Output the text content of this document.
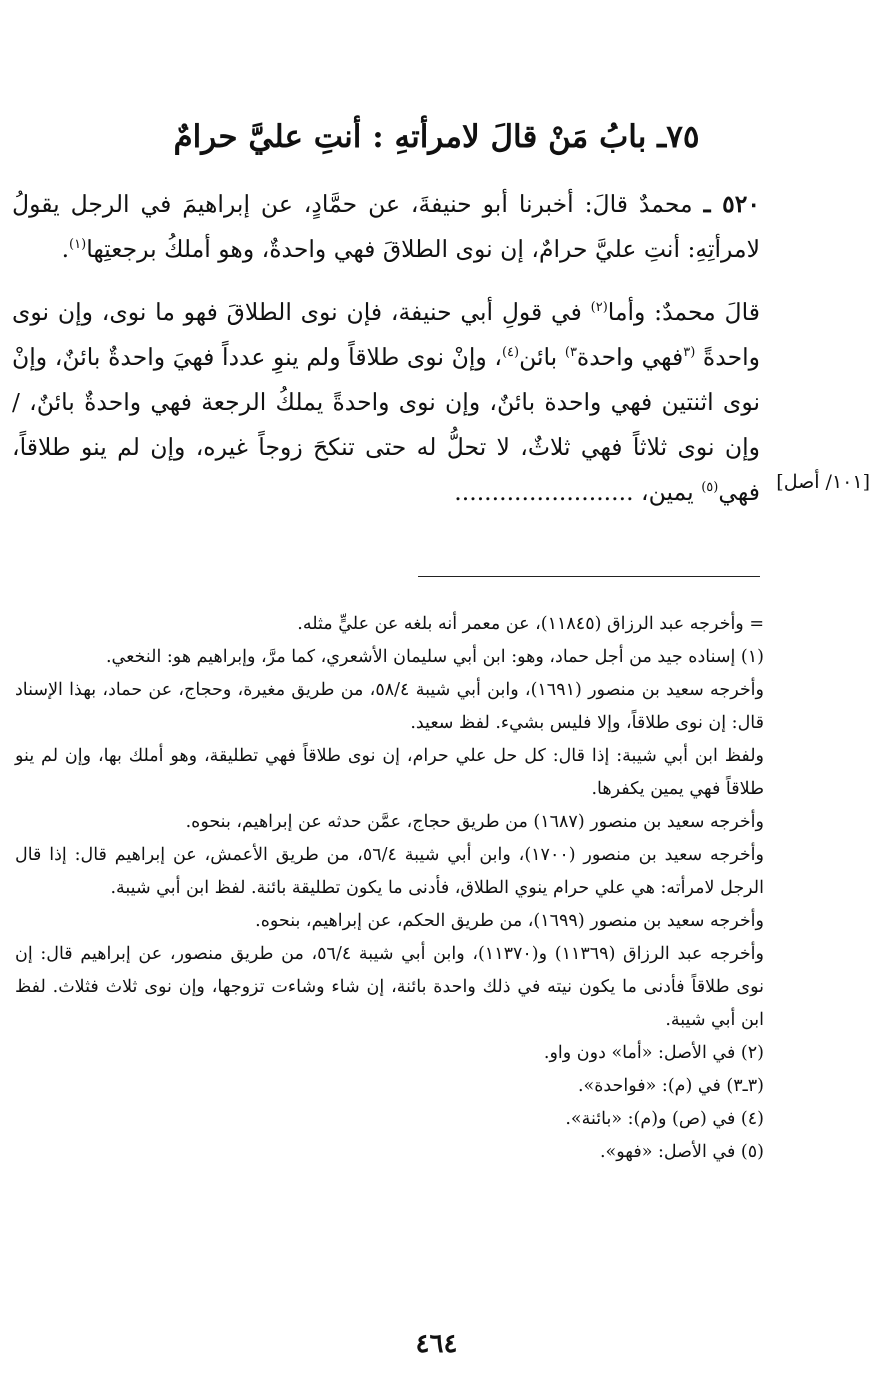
٧٥ـ بابُ مَنْ قالَ لامرأتهِ : أنتِ عليَّ حرامٌ

٥٢٠ ـ محمدٌ قالَ: أخبرنا أبو حنيفةَ، عن حمَّادٍ، عن إبراهيمَ في الرجل يقولُ لامرأتِهِ: أنتِ عليَّ حرامٌ، إن نوى الطلاقَ فهي واحدةٌ، وهو أملكُ برجعتِها$^{(١)}$.

قالَ محمدٌ: وأما$^{(٢)}$ في قولِ أبي حنيفة، فإن نوى الطلاقَ فهو ما نوى، وإن نوى واحدةً $^{(٣}$فهي واحدة$^{٣)}$ بائن$^{(٤)}$، وإنْ نوى طلاقاً ولم ينوِ عدداً فهيَ واحدةٌ بائنٌ، وإنْ نوى اثنتين فهي واحدة بائنٌ، وإن نوى واحدةً يملكُ الرجعة فهي واحدةٌ بائنٌ، /وإن نوى ثلاثاً فهي ثلاثٌ، لا تحلُّ له حتى تنكحَ زوجاً غيره، وإن لم ينو طلاقاً، فهي$^{(٥)}$ يمين، ........................	[١٠١/ أصل]

= وأخرجه عبد الرزاق (١١٨٤٥)، عن معمر أنه بلغه عن عليٍّ مثله.

(١) إسناده جيد من أجل حماد، وهو: ابن أبي سليمان الأشعري، كما مرَّ، وإبراهيم هو: النخعي.

وأخرجه سعيد بن منصور (١٦٩١)، وابن أبي شيبة ٥٨/٤، من طريق مغيرة، وحجاج، عن حماد، بهذا الإسناد قال: إن نوى طلاقاً، وإلا فليس بشيء. لفظ سعيد.

ولفظ ابن أبي شيبة: إذا قال: كل حل علي حرام، إن نوى طلاقاً فهي تطليقة، وهو أملك بها، وإن لم ينو طلاقاً فهي يمين يكفرها.

وأخرجه سعيد بن منصور (١٦٨٧) من طريق حجاج، عمَّن حدثه عن إبراهيم، بنحوه.

وأخرجه سعيد بن منصور (١٧٠٠)، وابن أبي شيبة ٥٦/٤، من طريق الأعمش، عن إبراهيم قال: إذا قال الرجل لامرأته: هي علي حرام ينوي الطلاق، فأدنى ما يكون تطليقة بائنة. لفظ ابن أبي شيبة.

وأخرجه سعيد بن منصور (١٦٩٩)، من طريق الحكم، عن إبراهيم، بنحوه.

وأخرجه عبد الرزاق (١١٣٦٩) و(١١٣٧٠)، وابن أبي شيبة ٥٦/٤، من طريق منصور، عن إبراهيم قال: إن نوى طلاقاً فأدنى ما يكون نيته في ذلك واحدة بائنة، إن شاء وشاءت تزوجها، وإن نوى ثلاث فثلاث. لفظ ابن أبي شيبة.

(٢) في الأصل: «أما» دون واو.

(٣ـ٣) في (م): «فواحدة».

(٤) في (ص) و(م): «بائنة».

(٥) في الأصل: «فهو».

٤٦٤
